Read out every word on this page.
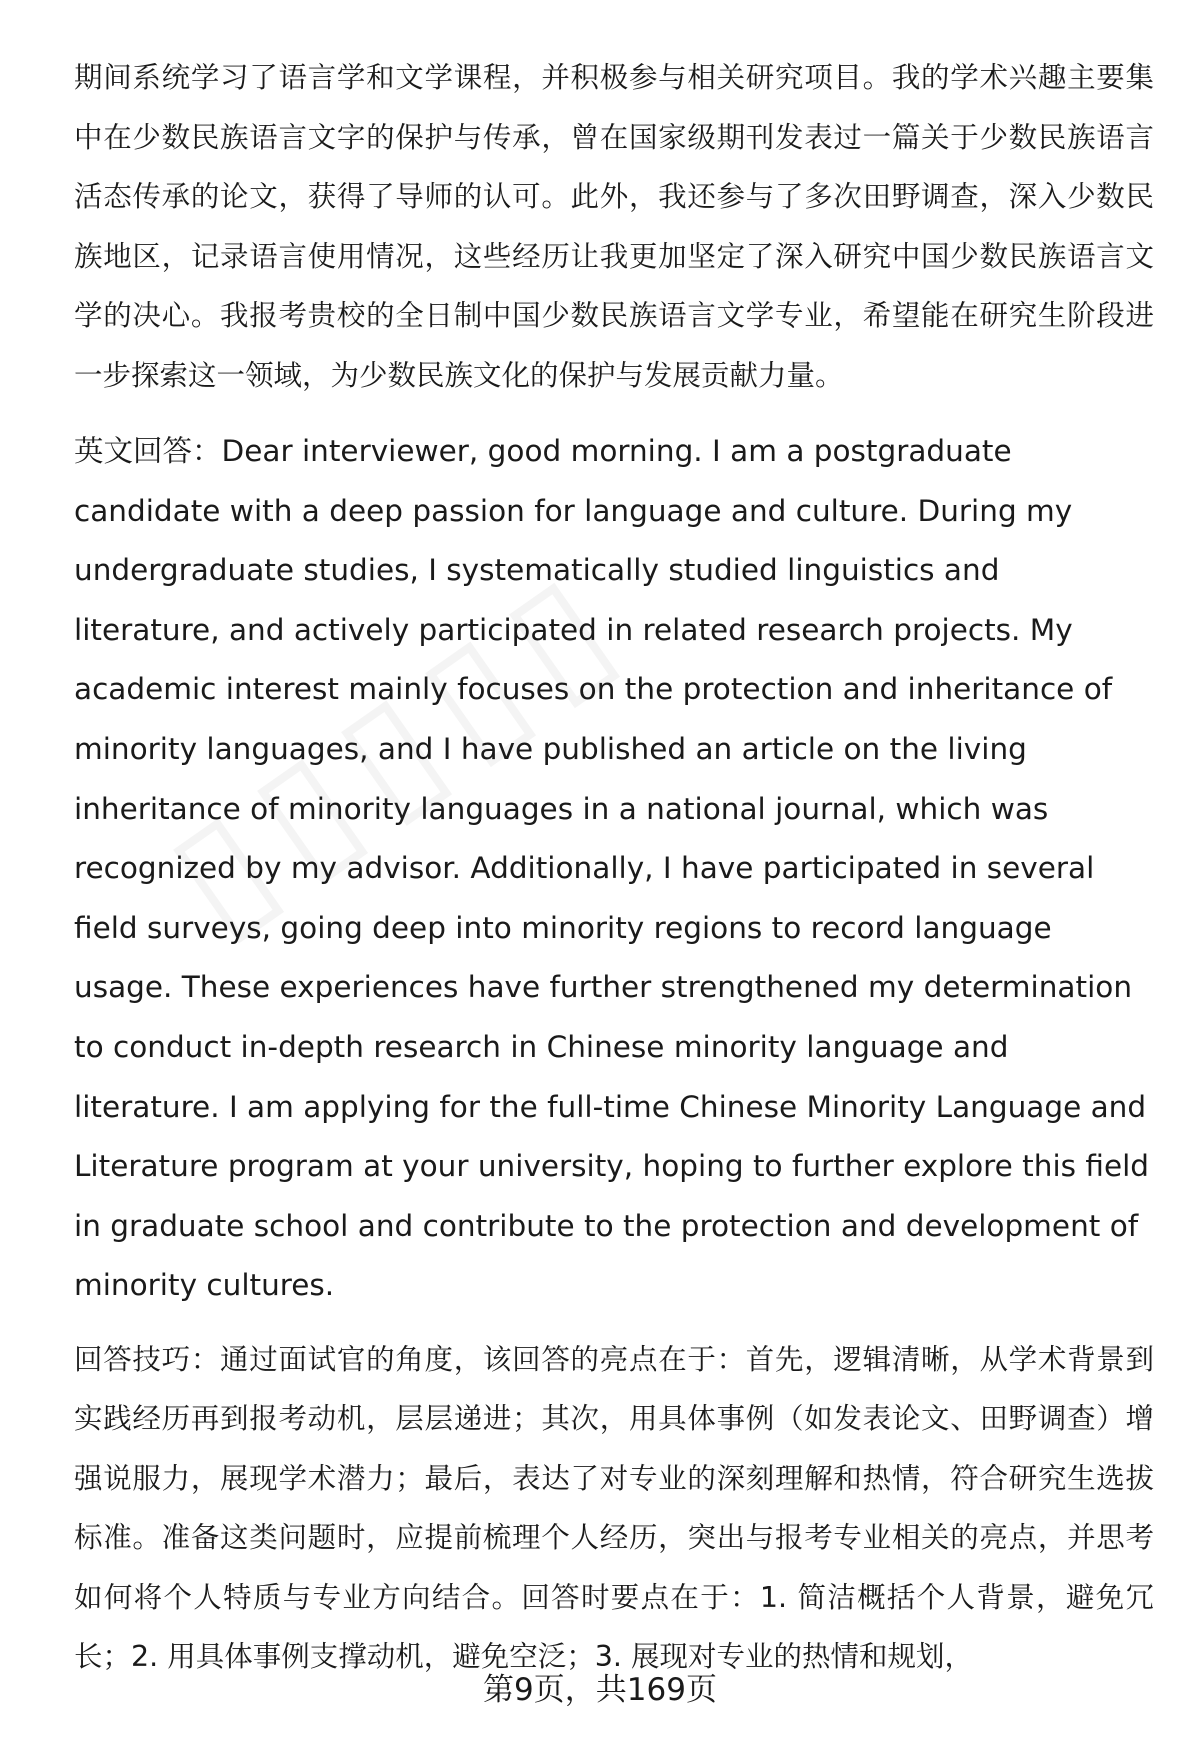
期间系统学习了语言学和文学课程，并积极参与相关研究项目。我的学术兴趣主要集中在少数民族语言文字的保护与传承，曾在国家级期刊发表过一篇关于少数民族语言活态传承的论文，获得了导师的认可。此外，我还参与了多次田野调查，深入少数民族地区，记录语言使用情况，这些经历让我更加坚定了深入研究中国少数民族语言文学的决心。我报考贵校的全日制中国少数民族语言文学专业，希望能在研究生阶段进一步探索这一领域，为少数民族文化的保护与发展贡献力量。

英文回答：Dear interviewer, good morning. I am a postgraduate candidate with a deep passion for language and culture. During my undergraduate studies, I systematically studied linguistics and literature, and actively participated in related research projects. My academic interest mainly focuses on the protection and inheritance of minority languages, and I have published an article on the living inheritance of minority languages in a national journal, which was recognized by my advisor. Additionally, I have participated in several field surveys, going deep into minority regions to record language usage. These experiences have further strengthened my determination to conduct in-depth research in Chinese minority language and literature. I am applying for the full-time Chinese Minority Language and Literature program at your university, hoping to further explore this field in graduate school and contribute to the protection and development of minority cultures.

回答技巧：通过面试官的角度，该回答的亮点在于：首先，逻辑清晰，从学术背景到实践经历再到报考动机，层层递进；其次，用具体事例（如发表论文、田野调查）增强说服力，展现学术潜力；最后，表达了对专业的深刻理解和热情，符合研究生选拔标准。准备这类问题时，应提前梳理个人经历，突出与报考专业相关的亮点，并思考如何将个人特质与专业方向结合。回答时要点在于：1. 简洁概括个人背景，避免冗长；2. 用具体事例支撑动机，避免空泛；3. 展现对专业的热情和规划，

第9页，共169页
